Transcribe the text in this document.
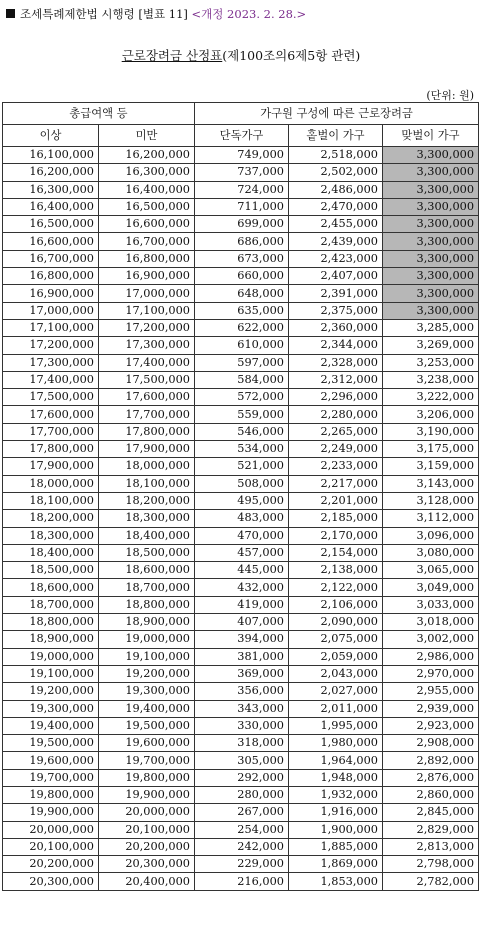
조세특례제한법 시행령 [별표 11] <개정 2023. 2. 28.>
근로장려금 산정표(제100조의6제5항 관련)
(단위: 원)
총급여액 등		가구원 구성에 따른 근로장려금		
이상	미만	단독가구	홑벌이 가구	맞벌이 가구
16,100,000	16,200,000	749,000	2,518,000	3,300,000
16,200,000	16,300,000	737,000	2,502,000	3,300,000
16,300,000	16,400,000	724,000	2,486,000	3,300,000
16,400,000	16,500,000	711,000	2,470,000	3,300,000
16,500,000	16,600,000	699,000	2,455,000	3,300,000
16,600,000	16,700,000	686,000	2,439,000	3,300,000
16,700,000	16,800,000	673,000	2,423,000	3,300,000
16,800,000	16,900,000	660,000	2,407,000	3,300,000
16,900,000	17,000,000	648,000	2,391,000	3,300,000
17,000,000	17,100,000	635,000	2,375,000	3,300,000
17,100,000	17,200,000	622,000	2,360,000	3,285,000
17,200,000	17,300,000	610,000	2,344,000	3,269,000
17,300,000	17,400,000	597,000	2,328,000	3,253,000
17,400,000	17,500,000	584,000	2,312,000	3,238,000
17,500,000	17,600,000	572,000	2,296,000	3,222,000
17,600,000	17,700,000	559,000	2,280,000	3,206,000
17,700,000	17,800,000	546,000	2,265,000	3,190,000
17,800,000	17,900,000	534,000	2,249,000	3,175,000
17,900,000	18,000,000	521,000	2,233,000	3,159,000
18,000,000	18,100,000	508,000	2,217,000	3,143,000
18,100,000	18,200,000	495,000	2,201,000	3,128,000
18,200,000	18,300,000	483,000	2,185,000	3,112,000
18,300,000	18,400,000	470,000	2,170,000	3,096,000
18,400,000	18,500,000	457,000	2,154,000	3,080,000
18,500,000	18,600,000	445,000	2,138,000	3,065,000
18,600,000	18,700,000	432,000	2,122,000	3,049,000
18,700,000	18,800,000	419,000	2,106,000	3,033,000
18,800,000	18,900,000	407,000	2,090,000	3,018,000
18,900,000	19,000,000	394,000	2,075,000	3,002,000
19,000,000	19,100,000	381,000	2,059,000	2,986,000
19,100,000	19,200,000	369,000	2,043,000	2,970,000
19,200,000	19,300,000	356,000	2,027,000	2,955,000
19,300,000	19,400,000	343,000	2,011,000	2,939,000
19,400,000	19,500,000	330,000	1,995,000	2,923,000
19,500,000	19,600,000	318,000	1,980,000	2,908,000
19,600,000	19,700,000	305,000	1,964,000	2,892,000
19,700,000	19,800,000	292,000	1,948,000	2,876,000
19,800,000	19,900,000	280,000	1,932,000	2,860,000
19,900,000	20,000,000	267,000	1,916,000	2,845,000
20,000,000	20,100,000	254,000	1,900,000	2,829,000
20,100,000	20,200,000	242,000	1,885,000	2,813,000
20,200,000	20,300,000	229,000	1,869,000	2,798,000
20,300,000	20,400,000	216,000	1,853,000	2,782,000
